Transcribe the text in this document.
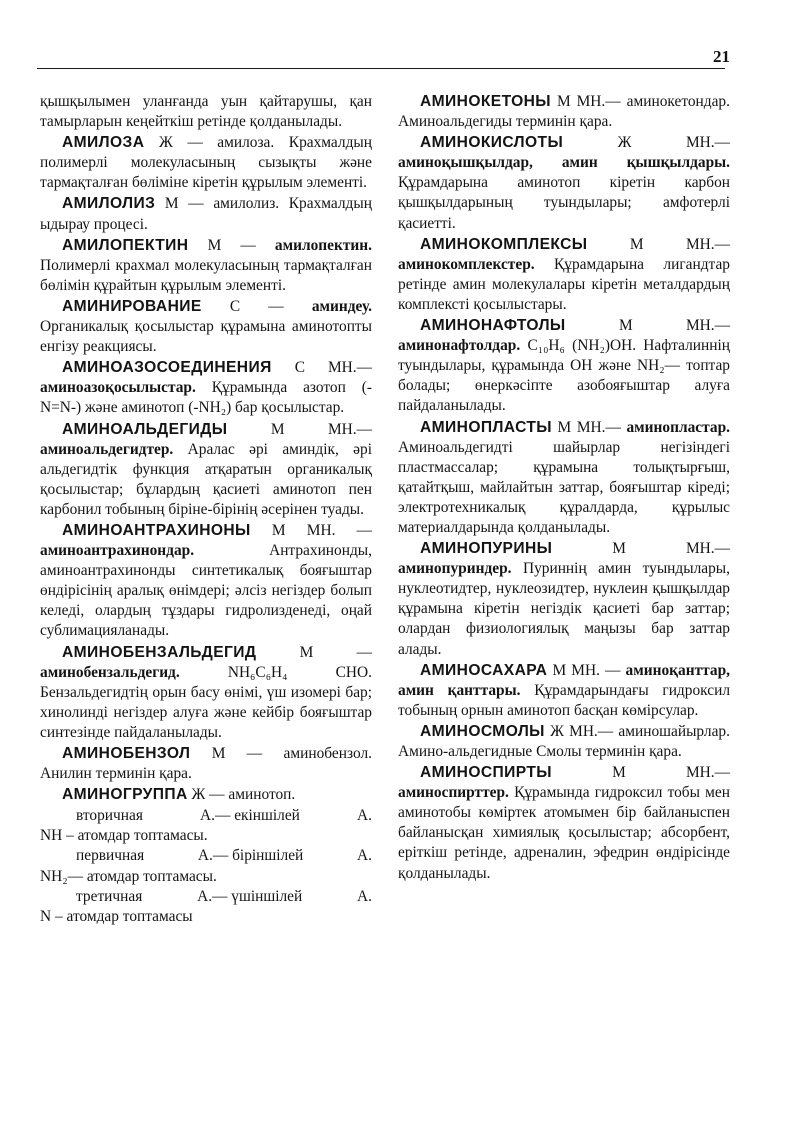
21

қышқылымен уланғанда уын қайтарушы, қан тамырларын кеңейткіш ретінде қолданылады.

АМИЛОЗА Ж — амилоза. Крахмалдың полимерлі молекуласының сызықты және тармақталған бөліміне кіретін құрылым элементі.

АМИЛОЛИЗ М — амилолиз. Крахмалдың ыдырау процесі.

АМИЛОПЕКТИН М — амилопектин. Полимерлі крахмал молекуласының тармақталған бөлімін құрайтын құрылым элементі.

АМИНИРОВАНИЕ С — аминдеу. Органикалық қосылыстар құрамына аминотопты енгізу реакциясы.

АМИНОАЗОСОЕДИНЕНИЯ С МН.— аминоазоқосылыстар. Құрамында азотоп (-N=N-) және аминотоп (-NH₂) бар қосылыстар.

АМИНОАЛЬДЕГИДЫ	М МН.— аминоальдегидтер. Аралас әрі аминдік, әрі альдегидтік функция атқаратын органикалық қосылыстар; бұлардың қасиеті аминотоп пен карбонил тобының біріне-бірінің әсерінен туады.

АМИНОАНТРАХИНОНЫ М МН. — аминоантрахинондар.	Антрахинонды, аминоантрахинонды синтетикалық бояғыштар өндірісінің аралық өнімдері; әлсіз негіздер болып келеді, олардың тұздары гидролизденеді, оңай сублимацияланады.

АМИНОБЕНЗАЛЬДЕГИД	М — аминобензальдегид.	NH₆C₆H₄ CHO. Бензальдегидтің орын басу өнімі, үш изомері бар; хинолиндi негiздер алуға және кейбір бояғыштар синтезінде пайдаланылады.

АМИНОБЕНЗОЛ М — аминобензол. Анилин терминін қара.

АМИНОГРУППА Ж — аминотоп.

вторичная	А.— екіншілей	А.
NH ‒ атомдар топтамасы.
первичная	А.— біріншілей	А.
NH₂— атомдар топтамасы.
третичная	А.— үшіншілей	А.
N ‒ атомдар топтамасы

АМИНОКЕТОНЫ М МН.— аминокетондар. Аминоальдегиды терминін қара.

АМИНОКИСЛОТЫ	Ж МН.— аминоқышқылдар, амин қышқылдары. Құрамдарына аминотоп кіретін карбон қышқылдарының туындылары; амфотерлі қасиетті.

АМИНОКОМПЛЕКСЫ	М МН.— аминокомплекстер. Құрамдарына лигандтар ретінде амин молекулалары кіретін металдардың комплексті қосылыстары.

АМИНОНАФТОЛЫ	М МН.— аминонафтолдар. C₁₀H₆ (NH₂)OH. Нафталиннің туындылары, құрамында OH және NH₂— топтар болады; өнеркәсіпте азобояғыштар алуға пайдаланылады.

АМИНОПЛАСТЫ М МН.— аминопластар. Аминоальдегидті шайырлар негізіндегі пластмассалар; құрамына толықтырғыш, қатайтқыш, майлайтын заттар, бояғыштар кіреді; электротехникалық құралдарда, құрылыс материалдарында қолданылады.

АМИНОПУРИНЫ	М МН.— аминопуриндер. Пуриннің амин туындылары, нуклеотидтер, нуклеозидтер, нуклеин қышқылдар құрамына кіретін негіздік қасиеті бар заттар; олардан физиологиялық маңызы бар заттар алады.

АМИНОСАХАРА М МН. — аминоқанттар, амин қанттары. Құрамдарындағы гидроксил тобының орнын аминотоп басқан көмірсулар.

АМИНОСМОЛЫ Ж МН.— аминошайырлар. Амино-альдегидные Смолы терминін қара.

АМИНОСПИРТЫ	М МН.— аминоспирттер. Құрамында гидроксил тобы мен аминотобы көміртек атомымен бір байланыспен байланысқан химиялық қосылыстар; абсорбент, еріткіш ретінде, адреналин, эфедрин өндірісінде қолданылады.
